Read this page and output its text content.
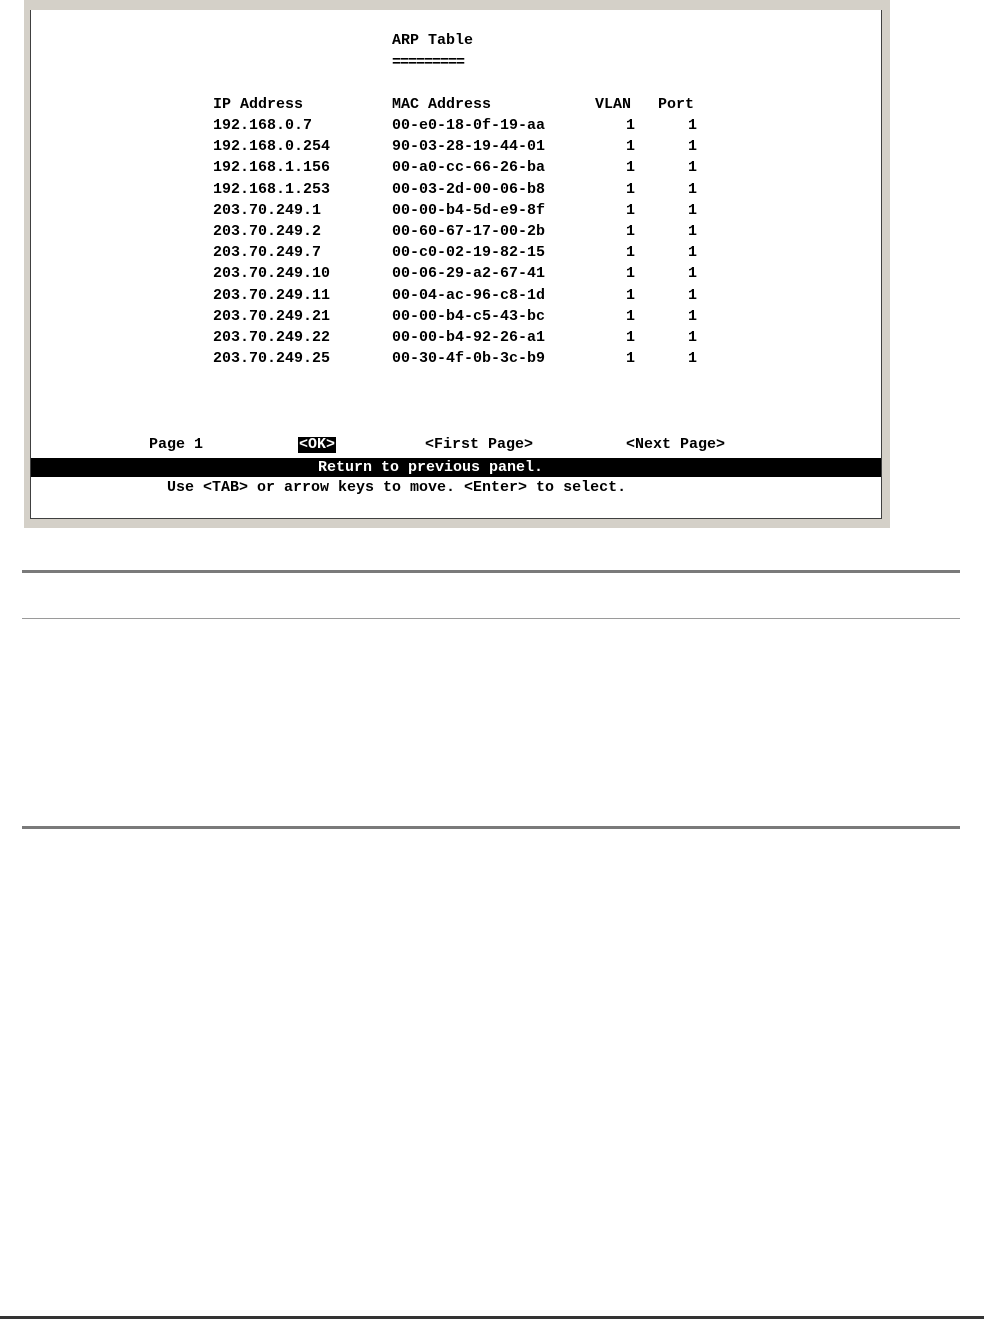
ARP Table
=========
IP Address	MAC Address	VLAN Port
192.168.0.7	00-e0-18-0f-19-aa	1	1
192.168.0.254	90-03-28-19-44-01	1	1
192.168.1.156	00-a0-cc-66-26-ba	1	1
192.168.1.253	00-03-2d-00-06-b8	1	1
203.70.249.1	00-00-b4-5d-e9-8f	1	1
203.70.249.2	00-60-67-17-00-2b	1	1
203.70.249.7	00-c0-02-19-82-15	1	1
203.70.249.10	00-06-29-a2-67-41	1	1
203.70.249.11	00-04-ac-96-c8-1d	1	1
203.70.249.21	00-00-b4-c5-43-bc	1	1
203.70.249.22	00-00-b4-92-26-a1	1	1
203.70.249.25	00-30-4f-0b-3c-b9	1	1
Page 1	<OK>	<First Page>	<Next Page>
Return to previous panel.
Use <TAB> or arrow keys to move. <Enter> to select.
